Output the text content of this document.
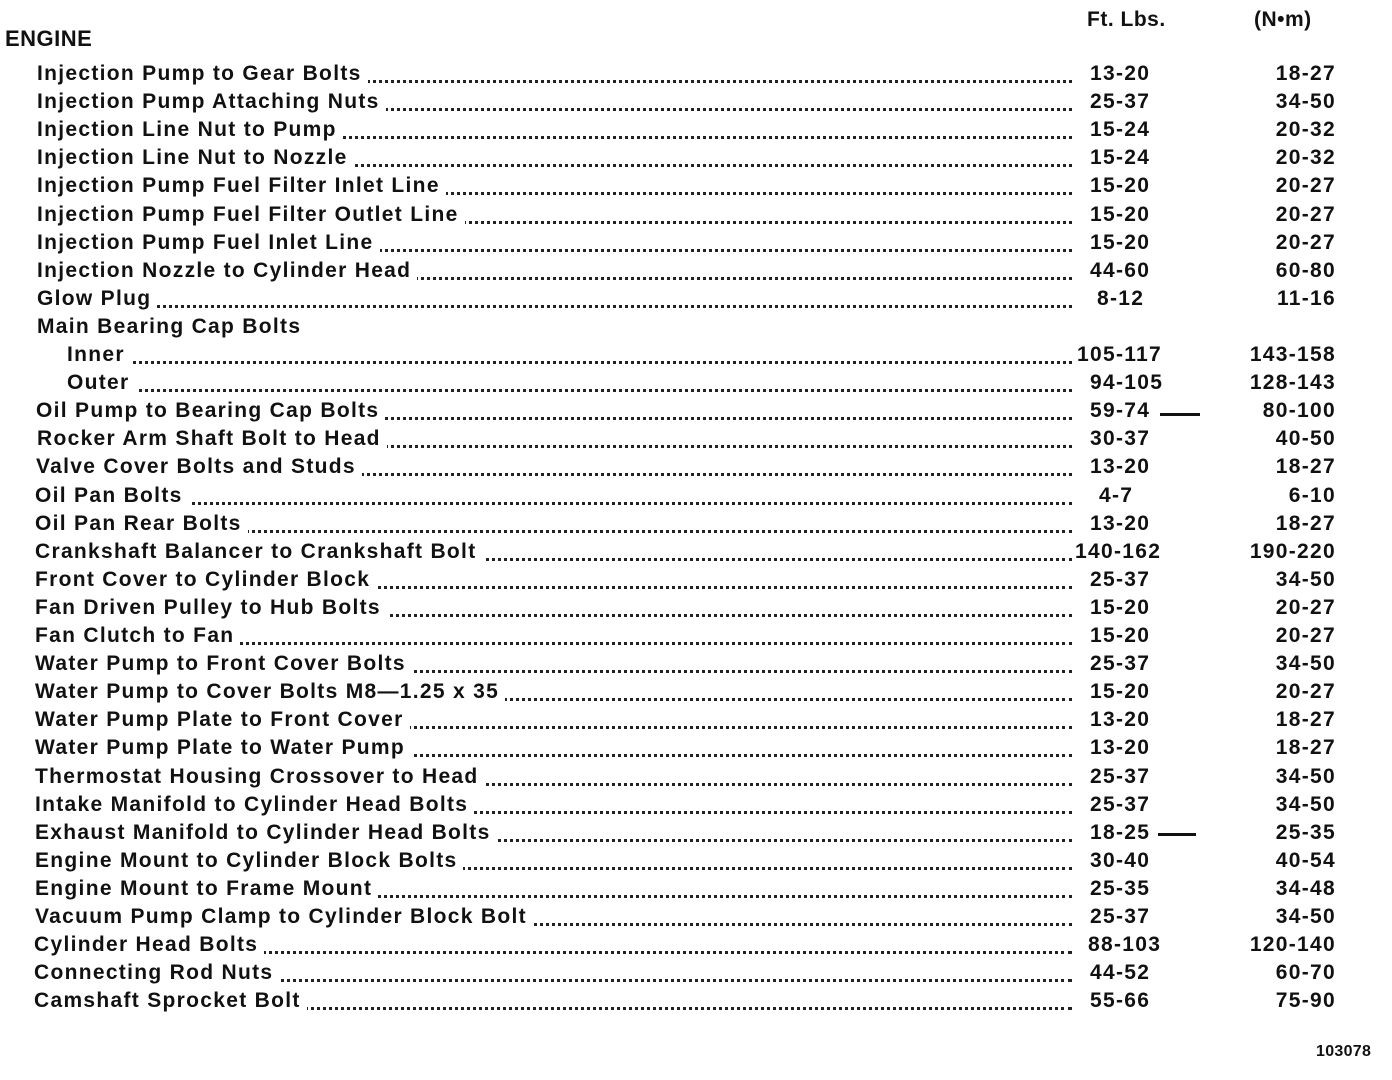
Ft. Lbs.	(N•m)
ENGINE
Injection Pump to Gear Bolts	13-20	18-27
Injection Pump Attaching Nuts	25-37	34-50
Injection Line Nut to Pump	15-24	20-32
Injection Line Nut to Nozzle	15-24	20-32
Injection Pump Fuel Filter Inlet Line	15-20	20-27
Injection Pump Fuel Filter Outlet Line	15-20	20-27
Injection Pump Fuel Inlet Line	15-20	20-27
Injection Nozzle to Cylinder Head	44-60	60-80
Glow Plug	8-12	11-16
Main Bearing Cap Bolts
Inner	105-117	143-158
Outer	94-105	128-143
Oil Pump to Bearing Cap Bolts	59-74	80-100
Rocker Arm Shaft Bolt to Head	30-37	40-50
Valve Cover Bolts and Studs	13-20	18-27
Oil Pan Bolts	4-7	6-10
Oil Pan Rear Bolts	13-20	18-27
Crankshaft Balancer to Crankshaft Bolt	140-162	190-220
Front Cover to Cylinder Block	25-37	34-50
Fan Driven Pulley to Hub Bolts	15-20	20-27
Fan Clutch to Fan	15-20	20-27
Water Pump to Front Cover Bolts	25-37	34-50
Water Pump to Cover Bolts M8—1.25 x 35	15-20	20-27
Water Pump Plate to Front Cover	13-20	18-27
Water Pump Plate to Water Pump	13-20	18-27
Thermostat Housing Crossover to Head	25-37	34-50
Intake Manifold to Cylinder Head Bolts	25-37	34-50
Exhaust Manifold to Cylinder Head Bolts	18-25	25-35
Engine Mount to Cylinder Block Bolts	30-40	40-54
Engine Mount to Frame Mount	25-35	34-48
Vacuum Pump Clamp to Cylinder Block Bolt	25-37	34-50
Cylinder Head Bolts	88-103	120-140
Connecting Rod Nuts	44-52	60-70
Camshaft Sprocket Bolt	55-66	75-90
103078
